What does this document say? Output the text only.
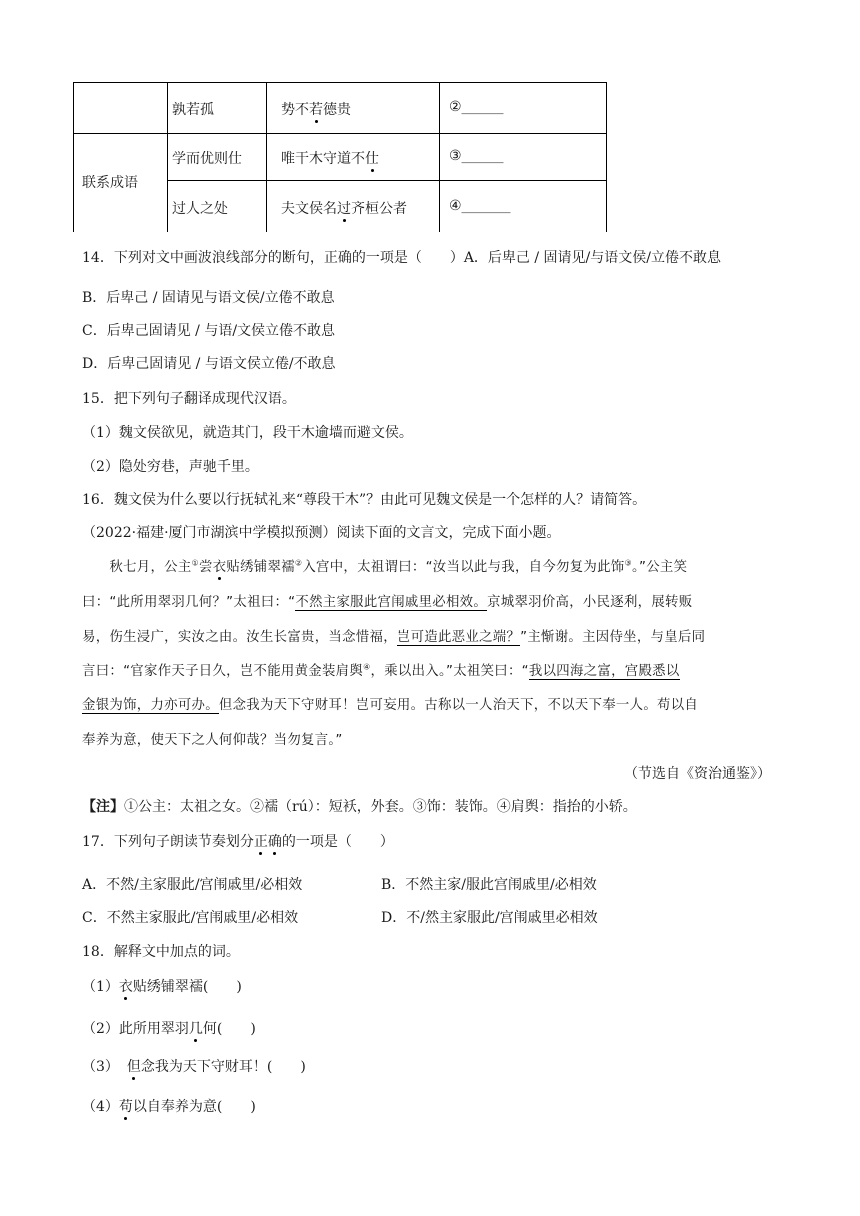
孰若孤	势不若德贵	②______
联系成语
学而优则仕	唯干木守道不仕	③______
过人之处	夫文侯名过齐桓公者	④_______
14．下列对文中画波浪线部分的断句，正确的一项是（　　）A．后卑己 / 固请见/与语文侯/立倦不敢息
B．后卑己 / 固请见与语文侯/立倦不敢息
C．后卑己固请见 / 与语/文侯立倦不敢息
D．后卑己固请见 / 与语文侯立倦/不敢息
15．把下列句子翻译成现代汉语。
（1）魏文侯欲见，就造其门，段干木逾墙而避文侯。
（2）隐处穷巷，声驰千里。
16．魏文侯为什么要以行抚轼礼来“尊段干木”？由此可见魏文侯是一个怎样的人？请简答。
（2022·福建·厦门市湖滨中学模拟预测）阅读下面的文言文，完成下面小题。
　　秋七月，公主①尝衣贴绣铺翠襦②入宫中，太祖谓曰：“汝当以此与我，自今勿复为此饰③。”公主笑
曰：“此所用翠羽几何？”太祖曰：“不然主家服此宫闱戚里必相效。京城翠羽价高，小民逐利，展转贩
易，伤生浸广，实汝之由。汝生长富贵，当念惜福，岂可造此恶业之端？”主惭谢。主因侍坐，与皇后同
言曰：“官家作天子日久，岂不能用黄金装肩舆④，乘以出入。”太祖笑曰：“我以四海之富，宫殿悉以
金银为饰，力亦可办。但念我为天下守财耳！岂可妄用。古称以一人治天下，不以天下奉一人。苟以自
奉养为意，使天下之人何仰哉？当勿复言。”
（节选自《资治通鉴》）
【注】①公主：太祖之女。②襦（rú）：短袄，外套。③饰：装饰。④肩舆：指抬的小轿。
17．下列句子朗读节奏划分正确的一项是（　　）
A．不然/主家服此/宫闱戚里/必相效	B．不然主家/服此宫闱戚里/必相效
C．不然主家服此/宫闱戚里/必相效	D．不/然主家服此/宫闱戚里必相效
18．解释文中加点的词。
（1）衣贴绣铺翠襦(　　)
（2）此所用翠羽几何(　　)
（3） 但念我为天下守财耳！(　　)
（4）苟以自奉养为意(　　)
